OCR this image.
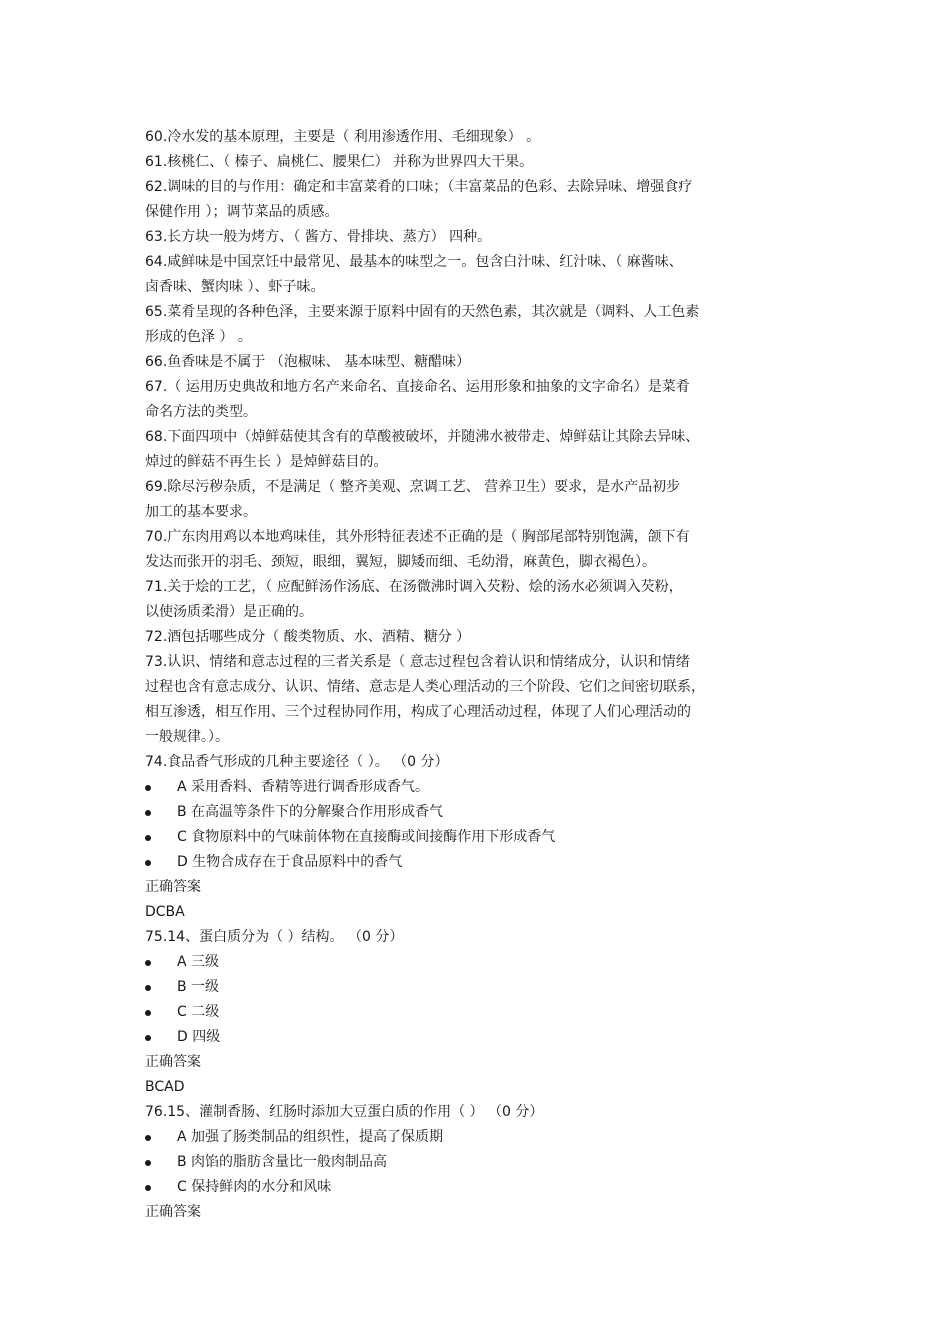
60.冷水发的基本原理，主要是（ 利用渗透作用、毛细现象） 。
61.核桃仁、（ 榛子、扁桃仁、腰果仁） 并称为世界四大干果。
62.调味的目的与作用：确定和丰富菜肴的口味；（丰富菜品的色彩、去除异味、增强食疗
保健作用 ）；调节菜品的质感。
63.长方块一般为烤方、（ 酱方、骨排块、蒸方） 四种。
64.咸鲜味是中国烹饪中最常见、最基本的味型之一。包含白汁味、红汁味、（ 麻酱味、
卤香味、蟹肉味 ）、虾子味。
65.菜肴呈现的各种色泽，主要来源于原料中固有的天然色素，其次就是（调料、人工色素
形成的色泽 ） 。
66.鱼香味是不属于 （泡椒味、 基本味型、糖醋味）
67.（ 运用历史典故和地方名产来命名、直接命名、运用形象和抽象的文字命名）是菜肴
命名方法的类型。
68.下面四项中（焯鲜菇使其含有的草酸被破坏，并随沸水被带走、焯鲜菇让其除去异味、
焯过的鲜菇不再生长 ）是焯鲜菇目的。
69.除尽污秽杂质，不是满足（ 整齐美观、烹调工艺、 营养卫生）要求，是水产品初步
加工的基本要求。
70.广东肉用鸡以本地鸡味佳，其外形特征表述不正确的是（ 胸部尾部特别饱满，颌下有
发达而张开的羽毛、颈短，眼细，翼短，脚矮而细、毛幼滑，麻黄色，脚衣褐色）。
71.关于烩的工艺，（ 应配鲜汤作汤底、在汤微沸时调入芡粉、烩的汤水必须调入芡粉，
以使汤质柔滑）是正确的。
72.酒包括哪些成分（ 酸类物质、水、酒精、糖分 ）
73.认识、情绪和意志过程的三者关系是（ 意志过程包含着认识和情绪成分，认识和情绪
过程也含有意志成分、认识、情绪、意志是人类心理活动的三个阶段、它们之间密切联系，
相互渗透，相互作用、三个过程协同作用，构成了心理活动过程，体现了人们心理活动的
一般规律。）。
74.食品香气形成的几种主要途径（ ）。 （0 分）
A 采用香料、香精等进行调香形成香气。
B 在高温等条件下的分解聚合作用形成香气
C 食物原料中的气味前体物在直接酶或间接酶作用下形成香气
D 生物合成存在于食品原料中的香气
正确答案
DCBA
75.14、蛋白质分为（ ）结构。 （0 分）
A 三级
B 一级
C 二级
D 四级
正确答案
BCAD
76.15、灌制香肠、红肠时添加大豆蛋白质的作用（ ） （0 分）
A 加强了肠类制品的组织性，提高了保质期
B 肉馅的脂肪含量比一般肉制品高
C 保持鲜肉的水分和风味
正确答案
